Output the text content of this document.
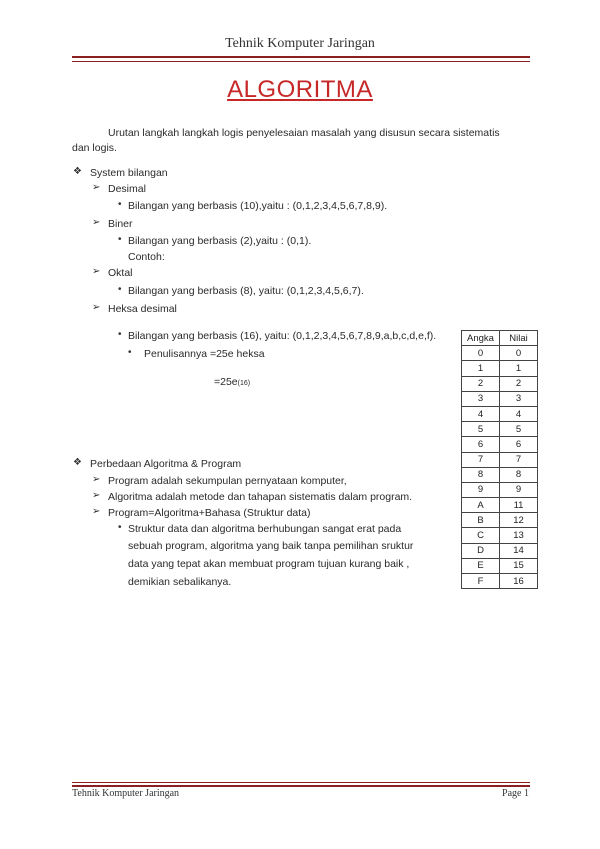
Tehnik Komputer Jaringan
ALGORITMA
Urutan langkah langkah logis penyelesaian masalah yang disusun secara sistematis
dan logis.
❖ System bilangan
➢ Desimal
• Bilangan yang berbasis (10),yaitu : (0,1,2,3,4,5,6,7,8,9).
➢ Biner
• Bilangan yang berbasis (2),yaitu : (0,1).
Contoh:
➢ Oktal
• Bilangan yang berbasis (8), yaitu: (0,1,2,3,4,5,6,7).
➢ Heksa desimal
• Bilangan yang berbasis (16), yaitu: (0,1,2,3,4,5,6,7,8,9,a,b,c,d,e,f).
• Penulisannya =25e heksa
=25e(16)
Angka	Nilai
0	0
1	1
2	2
3	3
4	4
5	5
6	6
7	7
8	8
9	9
A	11
B	12
C	13
D	14
E	15
F	16
❖ Perbedaan Algoritma & Program
➢ Program adalah sekumpulan pernyataan komputer,
➢ Algoritma adalah metode dan tahapan sistematis dalam program.
➢ Program=Algoritma+Bahasa (Struktur data)
• Struktur data dan algoritma berhubungan sangat erat pada
sebuah program, algoritma yang baik tanpa pemilihan sruktur
data yang tepat akan membuat program tujuan kurang baik ,
demikian sebalikanya.
Tehnik Komputer Jaringan	Page 1
